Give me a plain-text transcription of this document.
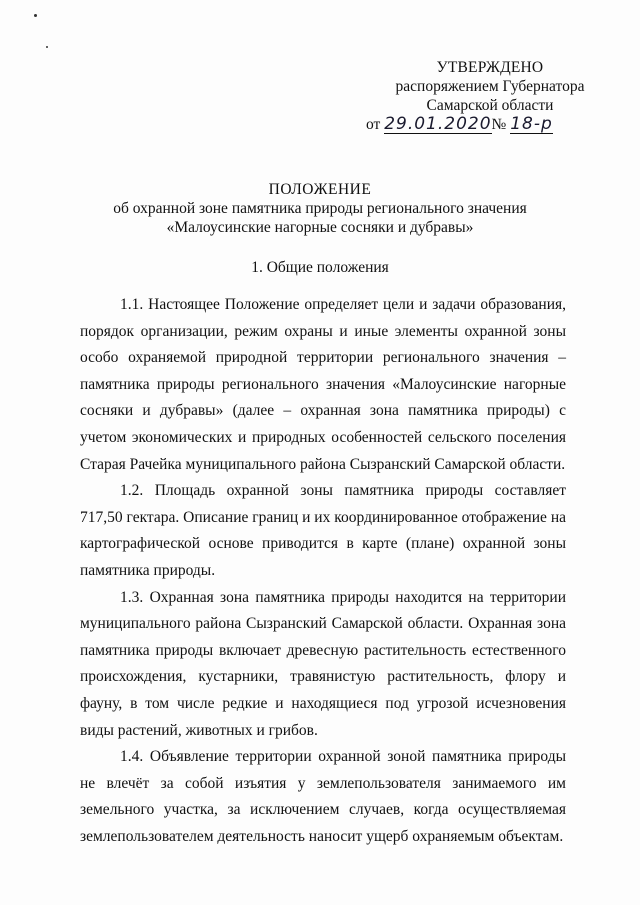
УТВЕРЖДЕНО
распоряжением Губернатора
Самарской области
от 29.01.2020№ 18-р
ПОЛОЖЕНИЕ
об охранной зоне памятника природы регионального значения
«Малоусинские нагорные сосняки и дубравы»
1. Общие положения

1.1. Настоящее Положение определяет цели и задачи образования, порядок организации, режим охраны и иные элементы охранной зоны особо охраняемой природной территории регионального значения – памятника природы регионального значения «Малоусинские нагорные сосняки и дубравы» (далее – охранная зона памятника природы) с учетом экономических и природных особенностей сельского поселения Старая Рачейка муниципального района Сызранский Самарской области.

1.2. Площадь охранной зоны памятника природы составляет 717,50 гектара. Описание границ и их координированное отображение на картографической основе приводится в карте (плане) охранной зоны памятника природы.

1.3. Охранная зона памятника природы находится на территории муниципального района Сызранский Самарской области. Охранная зона памятника природы включает древесную растительность естественного происхождения, кустарники, травянистую растительность, флору и фауну, в том числе редкие и находящиеся под угрозой исчезновения виды растений, животных и грибов.

1.4. Объявление территории охранной зоной памятника природы не влечёт за собой изъятия у землепользователя занимаемого им земельного участка, за исключением случаев, когда осуществляемая землепользователем деятельность наносит ущерб охраняемым объектам.
